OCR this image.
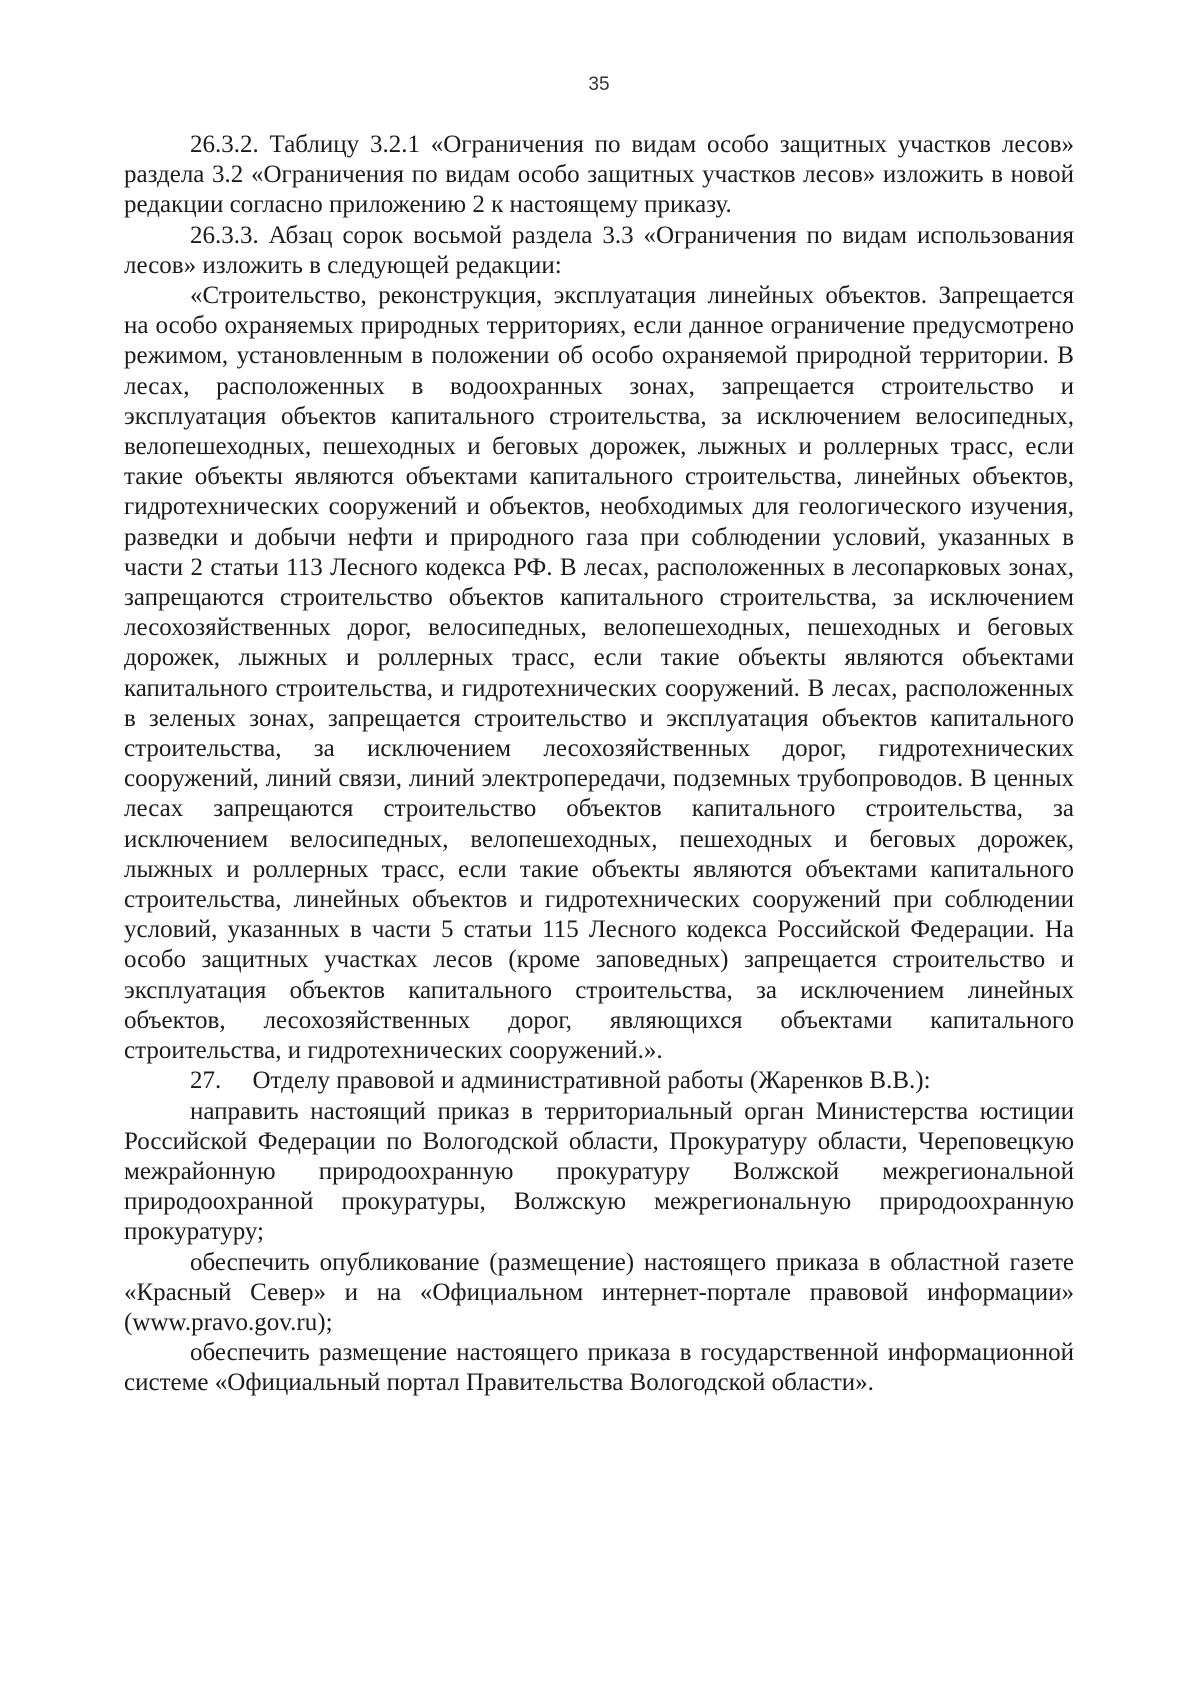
35

26.3.2. Таблицу 3.2.1 «Ограничения по видам особо защитных участков лесов» раздела 3.2 «Ограничения по видам особо защитных участков лесов» изложить в новой редакции согласно приложению 2 к настоящему приказу.

26.3.3. Абзац сорок восьмой раздела 3.3 «Ограничения по видам использования лесов» изложить в следующей редакции:

«Строительство, реконструкция, эксплуатация линейных объектов. Запрещается на особо охраняемых природных территориях, если данное ограничение предусмотрено режимом, установленным в положении об особо охраняемой природной территории. В лесах, расположенных в водоохранных зонах, запрещается строительство и эксплуатация объектов капитального строительства, за исключением велосипедных, велопешеходных, пешеходных и беговых дорожек, лыжных и роллерных трасс, если такие объекты являются объектами капитального строительства, линейных объектов, гидротехнических сооружений и объектов, необходимых для геологического изучения, разведки и добычи нефти и природного газа при соблюдении условий, указанных в части 2 статьи 113 Лесного кодекса РФ. В лесах, расположенных в лесопарковых зонах, запрещаются строительство объектов капитального строительства, за исключением лесохозяйственных дорог, велосипедных, велопешеходных, пешеходных и беговых дорожек, лыжных и роллерных трасс, если такие объекты являются объектами капитального строительства, и гидротехнических сооружений. В лесах, расположенных в зеленых зонах, запрещается строительство и эксплуатация объектов капитального строительства, за исключением лесохозяйственных дорог, гидротехнических сооружений, линий связи, линий электропередачи, подземных трубопроводов. В ценных лесах запрещаются строительство объектов капитального строительства, за исключением велосипедных, велопешеходных, пешеходных и беговых дорожек, лыжных и роллерных трасс, если такие объекты являются объектами капитального строительства, линейных объектов и гидротехнических сооружений при соблюдении условий, указанных в части 5 статьи 115 Лесного кодекса Российской Федерации. На особо защитных участках лесов (кроме заповедных) запрещается строительство и эксплуатация объектов капитального строительства, за исключением линейных объектов, лесохозяйственных дорог, являющихся объектами капитального строительства, и гидротехнических сооружений.».

27.  Отделу правовой и административной работы (Жаренков В.В.):

направить настоящий приказ в территориальный орган Министерства юстиции Российской Федерации по Вологодской области, Прокуратуру области, Череповецкую межрайонную природоохранную прокуратуру Волжской межрегиональной природоохранной прокуратуры, Волжскую межрегиональную природоохранную прокуратуру;

обеспечить опубликование (размещение) настоящего приказа в областной газете «Красный Север» и на «Официальном интернет-портале правовой информации» (www.pravo.gov.ru);

обеспечить размещение настоящего приказа в государственной информационной системе «Официальный портал Правительства Вологодской области».
